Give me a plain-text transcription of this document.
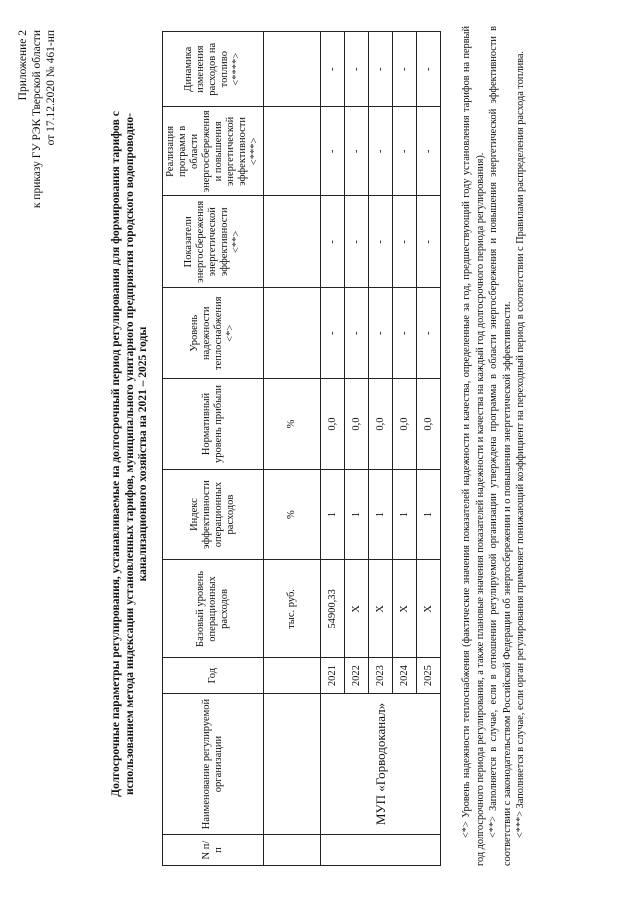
Приложение 2 к приказу ГУ РЭК Тверской области от 17.12.2020 № 461-нп
Долгосрочные параметры регулирования, устанавливаемые на долгосрочный период регулирования для формирования тарифов с использованием метода индексации установленных тарифов, муниципального унитарного предприятия городского водопроводно-канализационного хозяйства на 2021 – 2025 годы
N п/п	Наименование регулируемой организации	Год	Базовый уровень операционных расходов	Индекс эффективности операционных расходов	Нормативный уровень прибыли	Уровень надежности теплоснабжения <*>	Показатели энергосбережения энергетической эффективности <**>	Реализация программ в области энергосбережения и повышения энергетической эффективности <***>	Динамика изменения расходов на топливо <****>
			тыс. руб.	%	%				
	МУП «Горводоканал»	2021	54900,33	1	0,0	-	-	-	-
		2022	Х	1	0,0	-	-	-	-
		2023	Х	1	0,0	-	-	-	-
		2024	Х	1	0,0	-	-	-	-
		2025	Х	1	0,0	-	-	-	-	<*> Уровень надежности теплоснабжения (фактические значения показателей надежности и качества, определенные за год, предшествующий году установления тарифов на первый год долгосрочного периода регулирования, а также плановые значения показателей надежности и качества на каждый год долгосрочного периода регулирования). <**> Заполняется в случае, если в отношении регулируемой организации утверждена программа в области энергосбережения и повышения энергетической эффективности в соответствии с законодательством Российской Федерации об энергосбережении и о повышении энергетической эффективности. <***> Заполняется в случае, если орган регулирования применяет понижающий коэффициент на переходный период в соответствии с Правилами распределения расхода топлива.
